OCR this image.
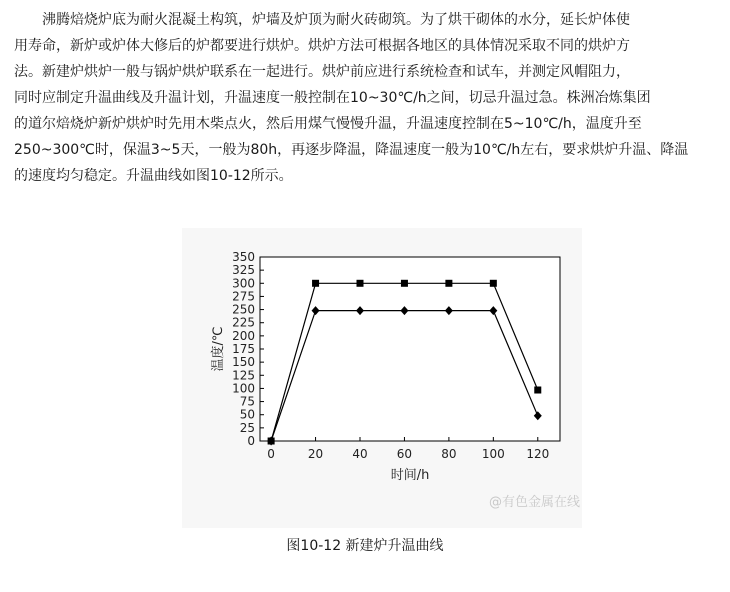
沸腾焙烧炉底为耐火混凝土构筑，炉墙及炉顶为耐火砖砌筑。为了烘干砌体的水分，延长炉体使
用寿命，新炉或炉体大修后的炉都要进行烘炉。烘炉方法可根据各地区的具体情况采取不同的烘炉方
法。新建炉烘炉一般与锅炉烘炉联系在一起进行。烘炉前应进行系统检查和试车，并测定风帽阻力，
同时应制定升温曲线及升温计划，升温速度一般控制在10~30℃/h之间，切忌升温过急。株洲冶炼集团
的道尔焙烧炉新炉烘炉时先用木柴点火，然后用煤气慢慢升温，升温速度控制在5~10℃/h，温度升至
250~300℃时，保温3~5天，一般为80h，再逐步降温，降温速度一般为10℃/h左右，要求烘炉升温、降温
的速度均匀稳定。升温曲线如图10-12所示。
0
25
50
75
100
125
150
175
200
225
250
275
300
325
350
0	20 40 60 80 100 120
时间/h
温度/℃
@有色金属在线
图10-12 新建炉升温曲线
